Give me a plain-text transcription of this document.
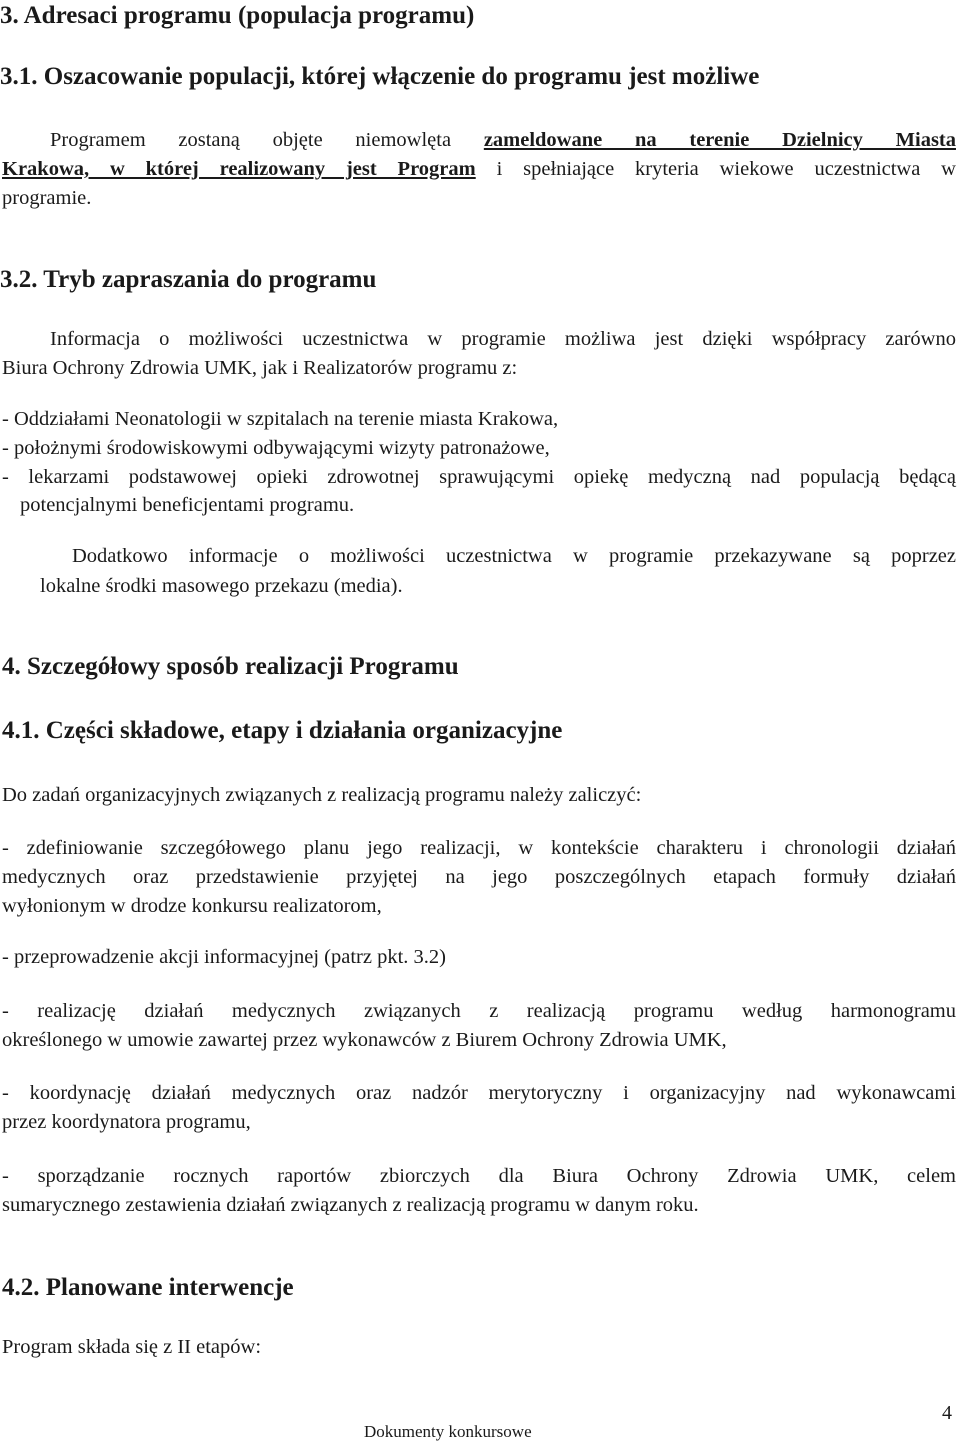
3. Adresaci programu (populacja programu)
3.1. Oszacowanie populacji, której włączenie do programu jest możliwe
Programem zostaną objęte niemowlęta zameldowane na terenie Dzielnicy Miasta
Krakowa, w której realizowany jest Program i spełniające kryteria wiekowe uczestnictwa w
programie.
3.2. Tryb zapraszania do programu
Informacja o możliwości uczestnictwa w programie możliwa jest dzięki współpracy zarówno
Biura Ochrony Zdrowia UMK, jak i Realizatorów programu z:
- Oddziałami Neonatologii w szpitalach na terenie miasta Krakowa,
- położnymi środowiskowymi odbywającymi wizyty patronażowe,
- lekarzami podstawowej opieki zdrowotnej sprawującymi opiekę medyczną nad populacją będącą
potencjalnymi beneficjentami programu.
Dodatkowo informacje o możliwości uczestnictwa w programie przekazywane są poprzez
lokalne środki masowego przekazu (media).
4. Szczegółowy sposób realizacji Programu
4.1. Części składowe, etapy i działania organizacyjne
Do zadań organizacyjnych związanych z realizacją programu należy zaliczyć:
- zdefiniowanie szczegółowego planu jego realizacji, w kontekście charakteru i chronologii działań
medycznych oraz przedstawienie przyjętej na jego poszczególnych etapach formuły działań
wyłonionym w drodze konkursu realizatorom,
- przeprowadzenie akcji informacyjnej (patrz pkt. 3.2)
- realizację działań medycznych związanych z realizacją programu według harmonogramu
określonego w umowie zawartej przez wykonawców z Biurem Ochrony Zdrowia UMK,
- koordynację działań medycznych oraz nadzór merytoryczny i organizacyjny nad wykonawcami
przez koordynatora programu,
- sporządzanie rocznych raportów zbiorczych dla Biura Ochrony Zdrowia UMK, celem
sumarycznego zestawienia działań związanych z realizacją programu w danym roku.
4.2. Planowane interwencje
Program składa się z II etapów:
4
Dokumenty konkursowe
